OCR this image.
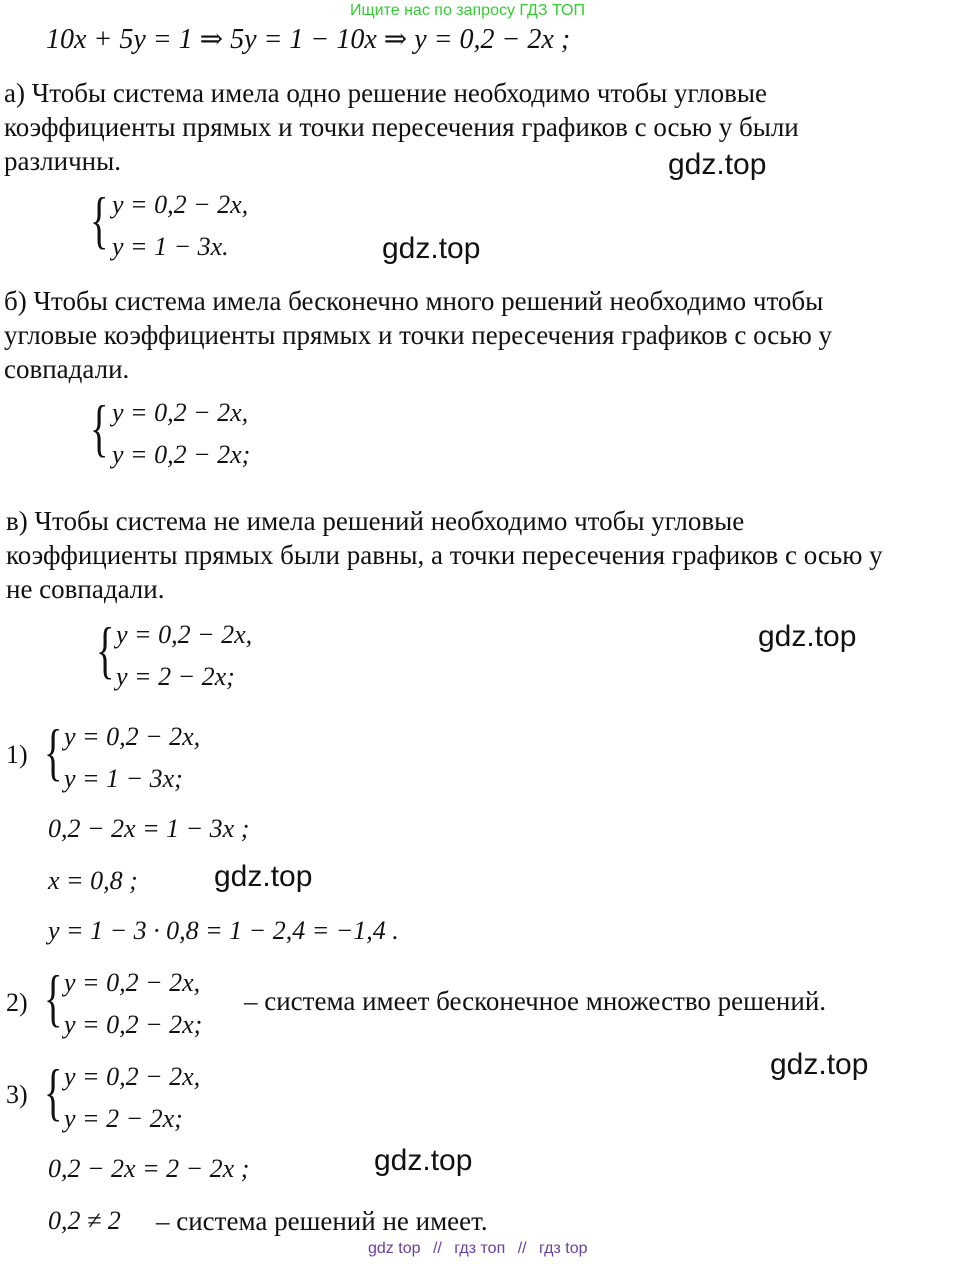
Ищите нас по запросу ГДЗ ТОП
10x + 5y = 1 ⇒ 5y = 1 − 10x ⇒ y = 0,2 − 2x ;
а) Чтобы система имела одно решение необходимо чтобы угловые
коэффициенты прямых и точки пересечения графиков с осью y были
различны.
{ y = 0,2 − 2x,
y = 1 − 3x.
б) Чтобы система имела бесконечно много решений необходимо чтобы
угловые коэффициенты прямых и точки пересечения графиков с осью y
совпадали.
{ y = 0,2 − 2x,
y = 0,2 − 2x;
в) Чтобы система не имела решений необходимо чтобы угловые
коэффициенты прямых были равны, а точки пересечения графиков с осью y
не совпадали.
{ y = 0,2 − 2x,
y = 2 − 2x;
1) { y = 0,2 − 2x,
y = 1 − 3x;
0,2 − 2x = 1 − 3x ;
x = 0,8 ;
y = 1 − 3 · 0,8 = 1 − 2,4 = −1,4 .
2) { y = 0,2 − 2x,
y = 0,2 − 2x;
– система имеет бесконечное множество решений.
3) { y = 0,2 − 2x,
y = 2 − 2x;
0,2 − 2x = 2 − 2x ;
0,2 ≠ 2 – система решений не имеет.
gdz.top
gdz.top
gdz.top
gdz.top
gdz.top
gdz.top
gdz top // гдз топ // гдз top
